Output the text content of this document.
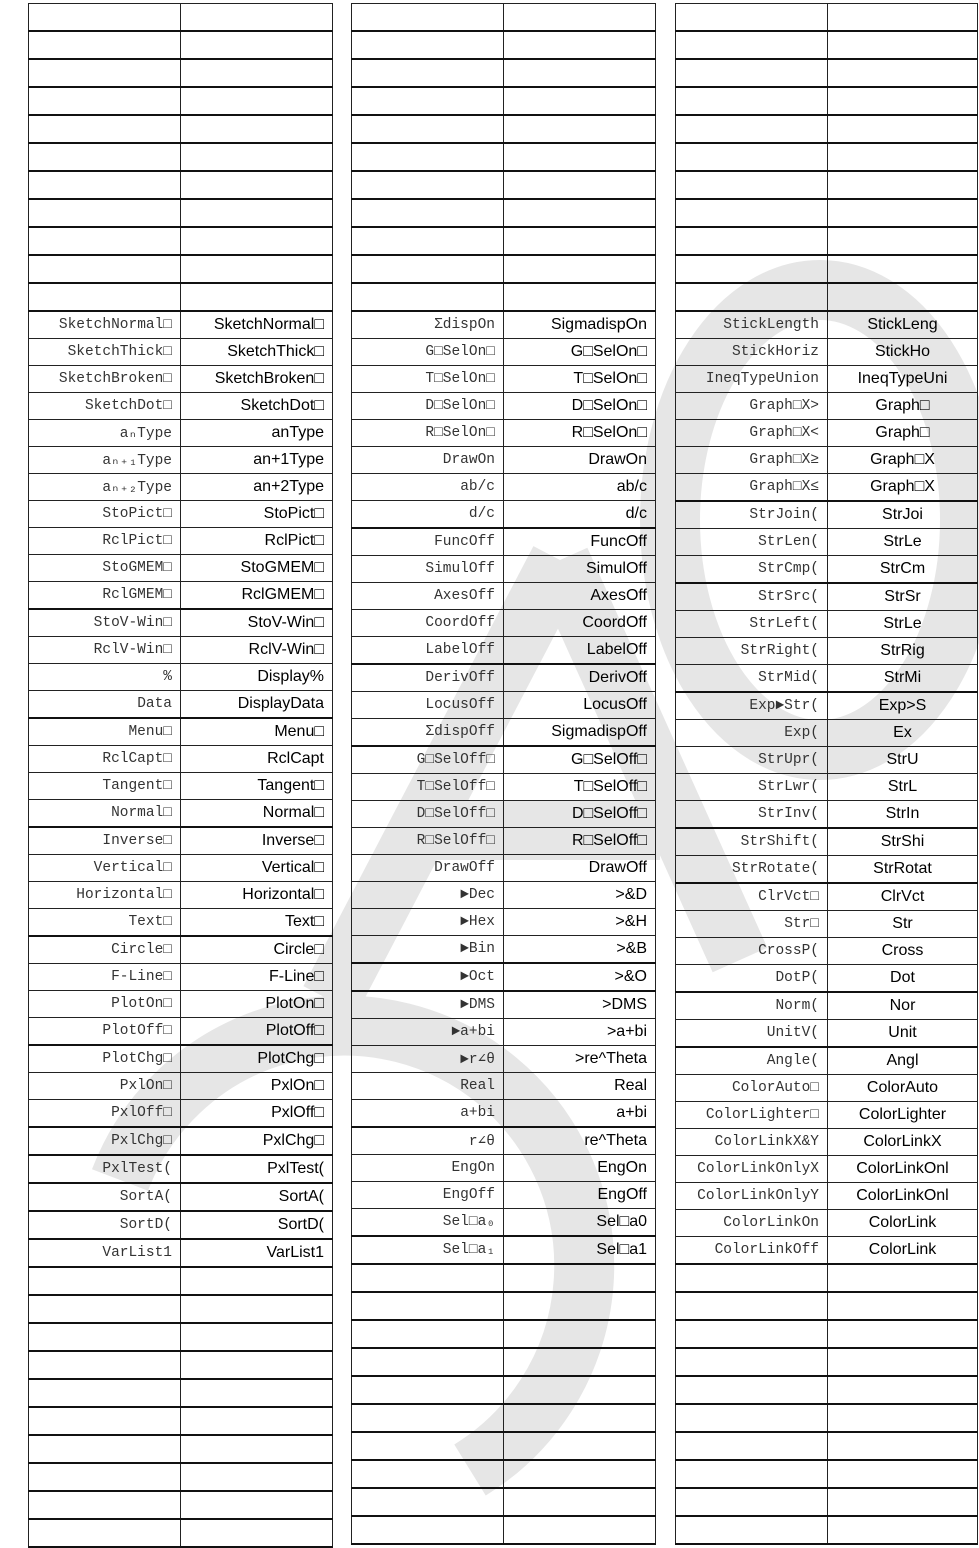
SketchNormal□	SketchNormal□
SketchThick□	SketchThick□
SketchBroken□	SketchBroken□
SketchDot□	SketchDot□
aₙType	anType
aₙ₊₁Type	an+1Type
aₙ₊₂Type	an+2Type
StoPict□	StoPict□
RclPict□	RclPict□
StoGMEM□	StoGMEM□
RclGMEM□	RclGMEM□
StoV-Win□	StoV-Win□
RclV-Win□	RclV-Win□
%	Display%
Data	DisplayData
Menu□	Menu□
RclCapt□	RclCapt
Tangent□	Tangent□
Normal□	Normal□
Inverse□	Inverse□
Vertical□	Vertical□
Horizontal□	Horizontal□
Text□	Text□
Circle□	Circle□
F-Line□	F-Line□
PlotOn□	PlotOn□
PlotOff□	PlotOff□
PlotChg□	PlotChg□
PxlOn□	PxlOn□
PxlOff□	PxlOff□
PxlChg□	PxlChg□
PxlTest(	PxlTest(
SortA(	SortA(
SortD(	SortD(
VarList1	VarList1

ΣdispOn	SigmadispOn
G□SelOn□	G□SelOn□
T□SelOn□	T□SelOn□
D□SelOn□	D□SelOn□
R□SelOn□	R□SelOn□
DrawOn	DrawOn
ab/c	ab/c
d/c	d/c
FuncOff	FuncOff
SimulOff	SimulOff
AxesOff	AxesOff
CoordOff	CoordOff
LabelOff	LabelOff
DerivOff	DerivOff
LocusOff	LocusOff
ΣdispOff	SigmadispOff
G□SelOff□	G□SelOff□
T□SelOff□	T□SelOff□
D□SelOff□	D□SelOff□
R□SelOff□	R□SelOff□
DrawOff	DrawOff
►Dec	>&D
►Hex	>&H
►Bin	>&B
►Oct	>&O
►DMS	>DMS
►a+bi	>a+bi
►r∠θ	>re^Theta
Real	Real
a+bi	a+bi
r∠θ	re^Theta
EngOn	EngOn
EngOff	EngOff
Sel□a₀	Sel□a0
Sel□a₁	Sel□a1

StickLength	StickLeng
StickHoriz	StickHo
IneqTypeUnion	IneqTypeUni
Graph□X>	Graph□
Graph□X<	Graph□
Graph□X≥	Graph□X
Graph□X≤	Graph□X
StrJoin(	StrJoi
StrLen(	StrLe
StrCmp(	StrCm
StrSrc(	StrSr
StrLeft(	StrLe
StrRight(	StrRig
StrMid(	StrMi
Exp►Str(	Exp>S
Exp(	Ex
StrUpr(	StrU
StrLwr(	StrL
StrInv(	StrIn
StrShift(	StrShi
StrRotate(	StrRotat
ClrVct□	ClrVct
Str□	Str
CrossP(	Cross
DotP(	Dot
Norm(	Nor
UnitV(	Unit
Angle(	Angl
ColorAuto□	ColorAuto
ColorLighter□	ColorLighter
ColorLinkX&Y	ColorLinkX
ColorLinkOnlyX	ColorLinkOnl
ColorLinkOnlyY	ColorLinkOnl
ColorLinkOn	ColorLink
ColorLinkOff	ColorLink
